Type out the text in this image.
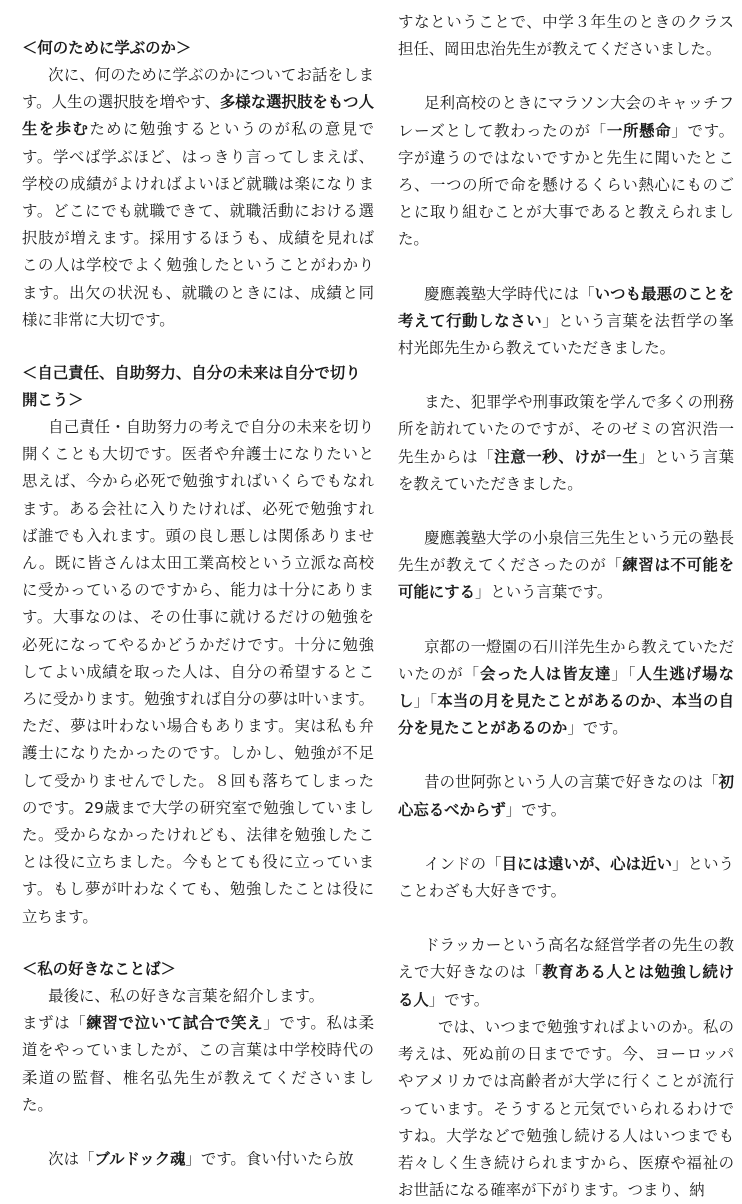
＜何のために学ぶのか＞

次に、何のために学ぶのかについてお話をします。人生の選択肢を増やす、多様な選択肢をもつ人生を歩むために勉強するというのが私の意見です。学べば学ぶほど、はっきり言ってしまえば、学校の成績がよければよいほど就職は楽になります。どこにでも就職できて、就職活動における選択肢が増えます。採用するほうも、成績を見ればこの人は学校でよく勉強したということがわかります。出欠の状況も、就職のときには、成績と同様に非常に大切です。

＜自己責任、自助努力、自分の未来は自分で切り開こう＞

自己責任・自助努力の考えで自分の未来を切り開くことも大切です。医者や弁護士になりたいと思えば、今から必死で勉強すればいくらでもなれます。ある会社に入りたければ、必死で勉強すれば誰でも入れます。頭の良し悪しは関係ありません。既に皆さんは太田工業高校という立派な高校に受かっているのですから、能力は十分にあります。大事なのは、その仕事に就けるだけの勉強を必死になってやるかどうかだけです。十分に勉強してよい成績を取った人は、自分の希望するところに受かります。勉強すれば自分の夢は叶います。ただ、夢は叶わない場合もあります。実は私も弁護士になりたかったのです。しかし、勉強が不足して受かりませんでした。８回も落ちてしまったのです。29歳まで大学の研究室で勉強していました。受からなかったけれども、法律を勉強したことは役に立ちました。今もとても役に立っています。もし夢が叶わなくても、勉強したことは役に立ちます。

＜私の好きなことば＞

最後に、私の好きな言葉を紹介します。

まずは「練習で泣いて試合で笑え」です。私は柔道をやっていましたが、この言葉は中学校時代の柔道の監督、椎名弘先生が教えてくださいました。

次は「ブルドック魂」です。食い付いたら放

すなということで、中学３年生のときのクラス担任、岡田忠治先生が教えてくださいました。

足利高校のときにマラソン大会のキャッチフレーズとして教わったのが「一所懸命」です。字が違うのではないですかと先生に聞いたところ、一つの所で命を懸けるくらい熱心にものごとに取り組むことが大事であると教えられました。

慶應義塾大学時代には「いつも最悪のことを考えて行動しなさい」という言葉を法哲学の峯村光郎先生から教えていただきました。

また、犯罪学や刑事政策を学んで多くの刑務所を訪れていたのですが、そのゼミの宮沢浩一先生からは「注意一秒、けが一生」という言葉を教えていただきました。

慶應義塾大学の小泉信三先生という元の塾長先生が教えてくださったのが「練習は不可能を可能にする」という言葉です。

京都の一燈園の石川洋先生から教えていただいたのが「会った人は皆友達」「人生逃げ場なし」「本当の月を見たことがあるのか、本当の自分を見たことがあるのか」です。

昔の世阿弥という人の言葉で好きなのは「初心忘るべからず」です。

インドの「目には遠いが、心は近い」ということわざも大好きです。

ドラッカーという高名な経営学者の先生の教えで大好きなのは「教育ある人とは勉強し続ける人」です。

では、いつまで勉強すればよいのか。私の考えは、死ぬ前の日までです。今、ヨーロッパやアメリカでは高齢者が大学に行くことが流行っています。そうすると元気でいられるわけですね。大学などで勉強し続ける人はいつまでも若々しく生き続けられますから、医療や福祉のお世話になる確率が下がります。つまり、納
